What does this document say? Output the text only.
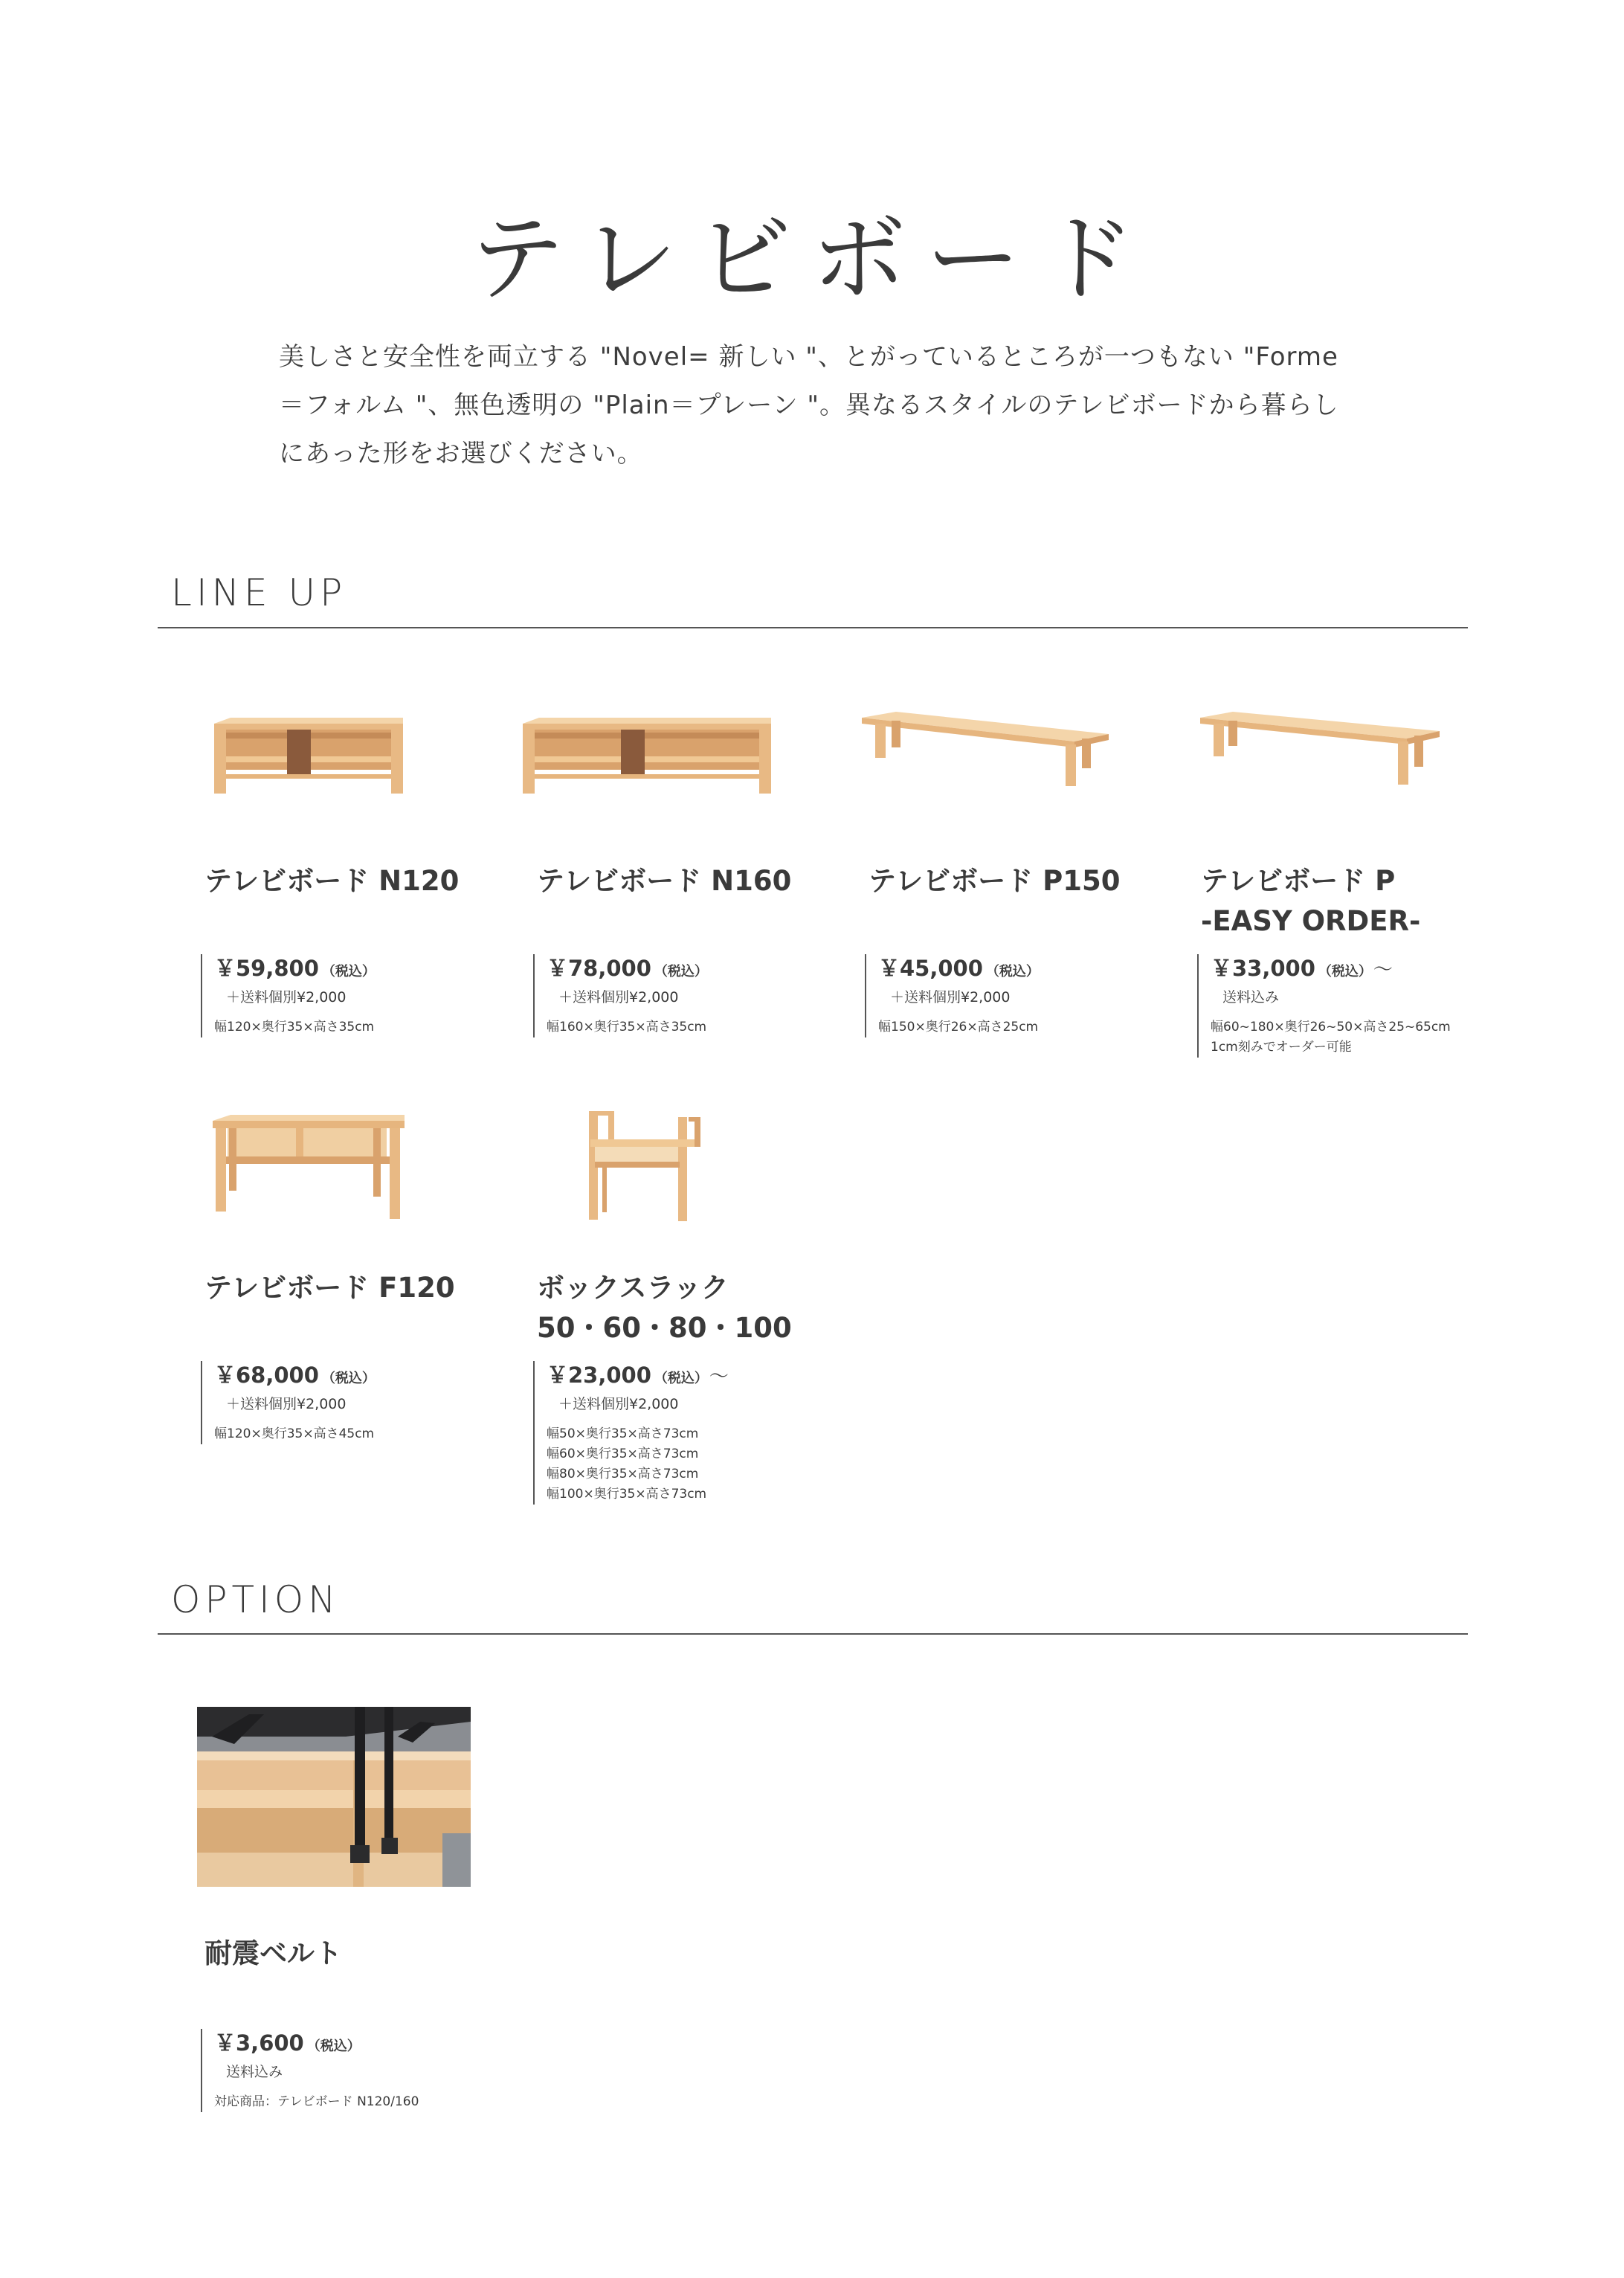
テレビボード

美しさと安全性を両立する "Novel= 新しい "、とがっているところが一つもない "Forme

＝フォルム "、無色透明の "Plain＝プレーン "。異なるスタイルのテレビボードから暮らし

にあった形をお選びください。

LINE UP
テレビボード N120
￥59,800 （税込）
＋送料個別¥2,000
幅120×奥行35×高さ35cm
テレビボード N160
￥78,000 （税込）
＋送料個別¥2,000
幅160×奥行35×高さ35cm
テレビボード P150
￥45,000 （税込）
＋送料個別¥2,000
幅150×奥行26×高さ25cm
テレビボード P
-EASY ORDER-
￥33,000 （税込）～
送料込み
幅60~180×奥行26~50×高さ25~65cm
1cm刻みでオーダー可能
テレビボード F120
￥68,000 （税込）
＋送料個別¥2,000
幅120×奥行35×高さ45cm
ボックスラック
50・60・80・100
￥23,000 （税込）～
＋送料個別¥2,000
幅50×奥行35×高さ73cm
幅60×奥行35×高さ73cm
幅80×奥行35×高さ73cm
幅100×奥行35×高さ73cm
OPTION
耐震ベルト
￥3,600 （税込）
送料込み
対応商品：テレビボード N120/160
